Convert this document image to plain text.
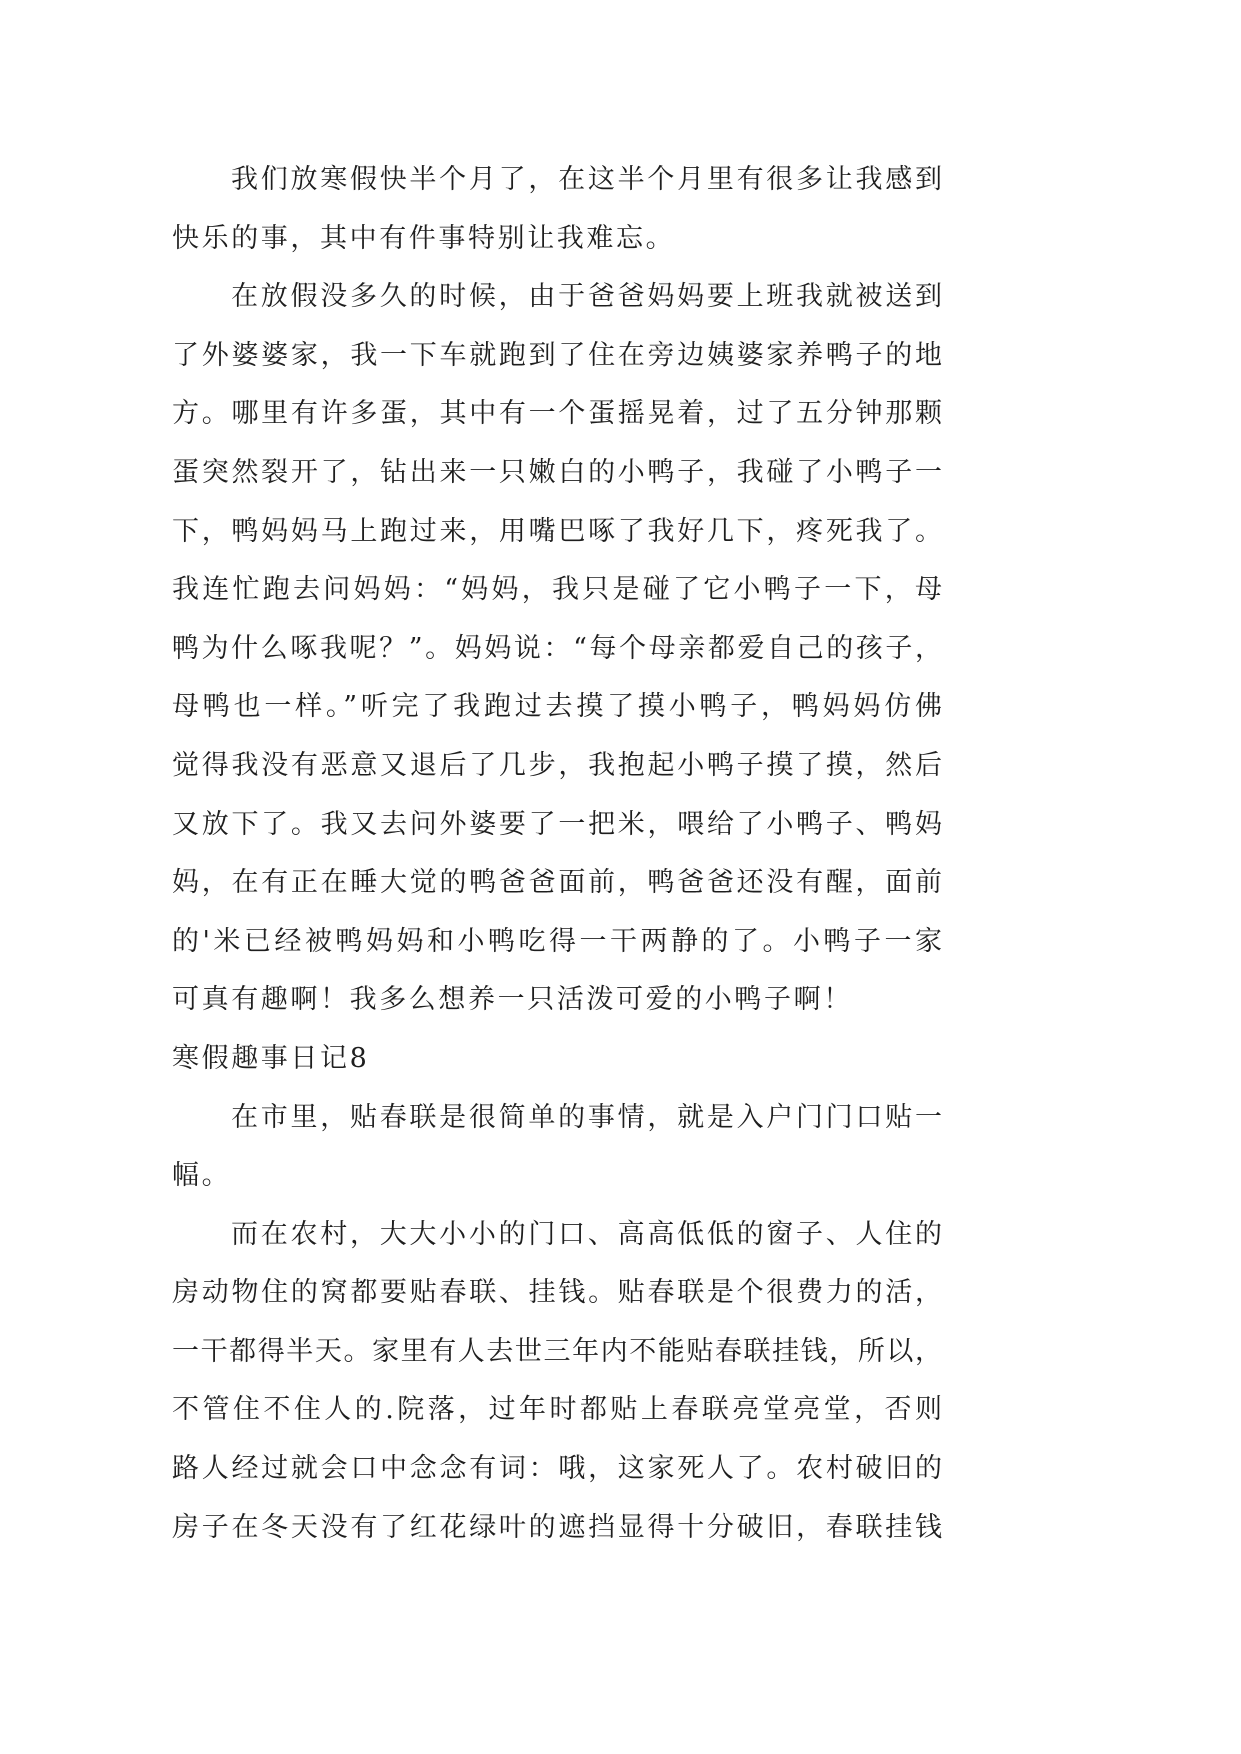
我们放寒假快半个月了，在这半个月里有很多让我感到
快乐的事，其中有件事特别让我难忘。
在放假没多久的时候，由于爸爸妈妈要上班我就被送到
了外婆婆家，我一下车就跑到了住在旁边姨婆家养鸭子的地
方。哪里有许多蛋，其中有一个蛋摇晃着，过了五分钟那颗
蛋突然裂开了，钻出来一只嫩白的小鸭子，我碰了小鸭子一
下，鸭妈妈马上跑过来，用嘴巴啄了我好几下，疼死我了。
我连忙跑去问妈妈：“妈妈，我只是碰了它小鸭子一下，母
鸭为什么啄我呢？”。妈妈说：“每个母亲都爱自己的孩子，
母鸭也一样。”听完了我跑过去摸了摸小鸭子，鸭妈妈仿佛
觉得我没有恶意又退后了几步，我抱起小鸭子摸了摸，然后
又放下了。我又去问外婆要了一把米，喂给了小鸭子、鸭妈
妈，在有正在睡大觉的鸭爸爸面前，鸭爸爸还没有醒，面前
的'米已经被鸭妈妈和小鸭吃得一干两静的了。小鸭子一家
可真有趣啊！我多么想养一只活泼可爱的小鸭子啊！
寒假趣事日记8
在市里，贴春联是很简单的事情，就是入户门门口贴一
幅。
而在农村，大大小小的门口、高高低低的窗子、人住的
房动物住的窝都要贴春联、挂钱。贴春联是个很费力的活，
一干都得半天。家里有人去世三年内不能贴春联挂钱，所以，
不管住不住人的.院落，过年时都贴上春联亮堂亮堂，否则
路人经过就会口中念念有词：哦，这家死人了。农村破旧的
房子在冬天没有了红花绿叶的遮挡显得十分破旧，春联挂钱
